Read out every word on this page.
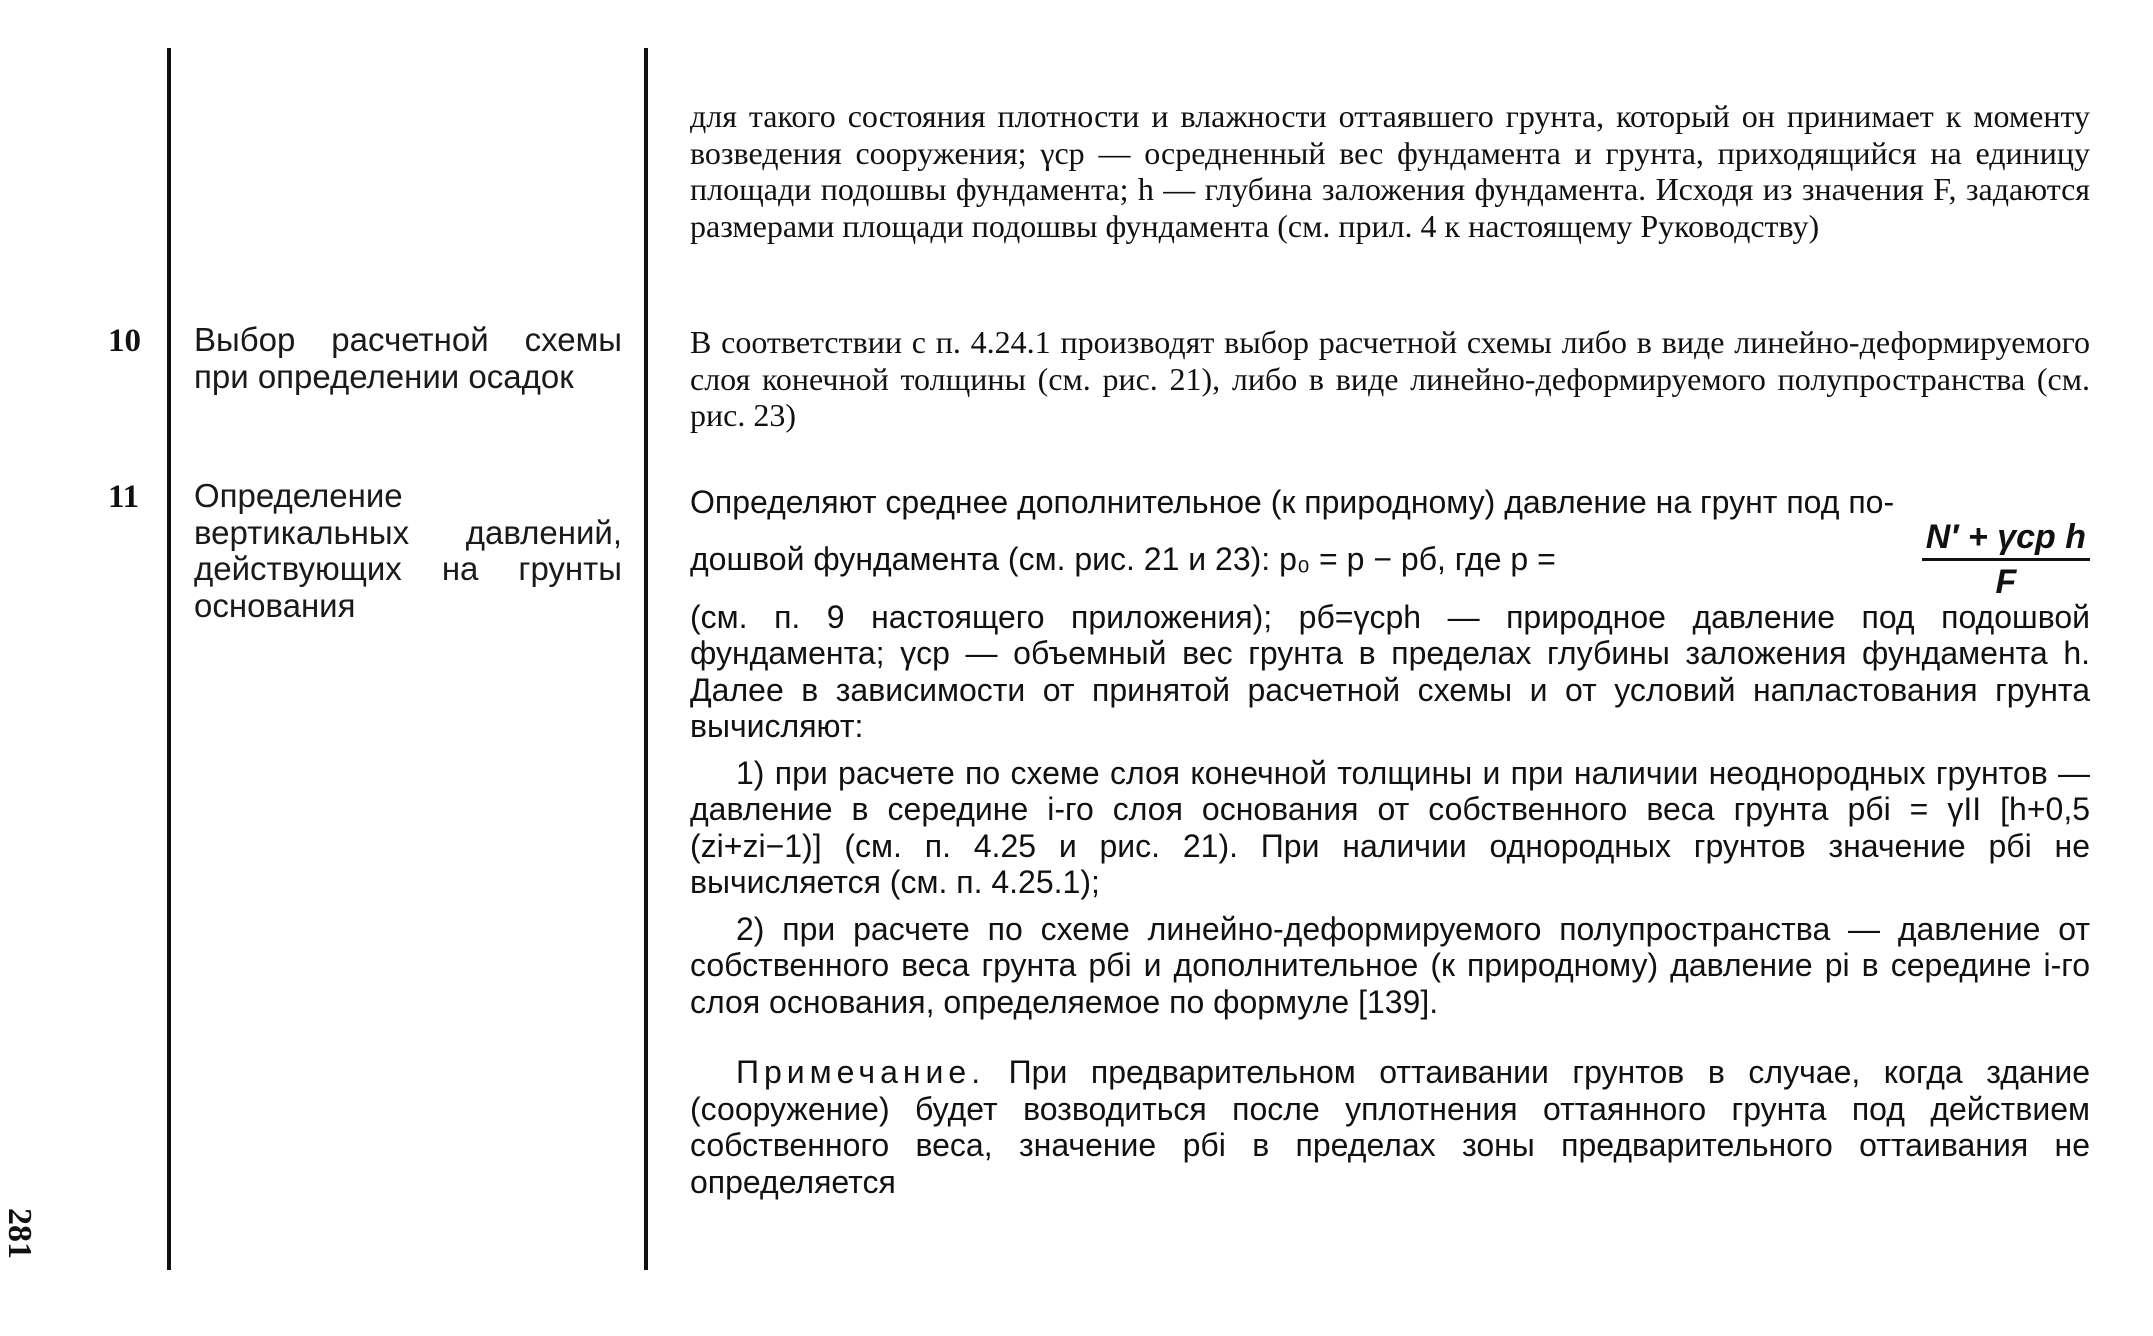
для такого состояния плотности и влажности оттаявшего грунта, который он принимает к моменту возведения сооружения; γcp — осредненный вес фундамента и грунта, приходящийся на единицу площади подошвы фундамента; h — глубина заложения фундамента. Исходя из значения F, задаются размерами площади подошвы фундамента (см. прил. 4 к настоящему Руководству)

10 Выбор расчетной схемы при определении осадок

В соответствии с п. 4.24.1 производят выбор расчетной схемы либо в виде линейно-деформируемого слоя конечной толщины (см. рис. 21), либо в виде линейно-деформируемого полупространства (см. рис. 23)

11 Определение вертикальных давлений, действующих на грунты основания

Определяют среднее дополнительное (к природному) давление на грунт под по-

дошвой фундамента (см. рис. 21 и 23): p₀ = p − pб, где p =	$\frac{\text{N′ + γcp h}}{F}$

(см. п. 9 настоящего приложения); pб=γcph — природное давление под подошвой фундамента; γcp — объемный вес грунта в пределах глубины заложения фундамента h. Далее в зависимости от принятой расчетной схемы и от условий напластования грунта вычисляют:

1) при расчете по схеме слоя конечной толщины и при наличии неоднородных грунтов — давление в середине i-го слоя основания от собственного веса грунта pбi = γII [h+0,5 (zi+zi−1)] (см. п. 4.25 и рис. 21). При наличии однородных грунтов значение pбi не вычисляется (см. п. 4.25.1);

2) при расчете по схеме линейно-деформируемого полупространства — давление от собственного веса грунта pбi и дополнительное (к природному) давление pi в середине i-го слоя основания, определяемое по формуле [139].

Примечание. При предварительном оттаивании грунтов в случае, когда здание (сооружение) будет возводиться после уплотнения оттаянного грунта под действием собственного веса, значение pбi в пределах зоны предварительного оттаивания не определяется

281
